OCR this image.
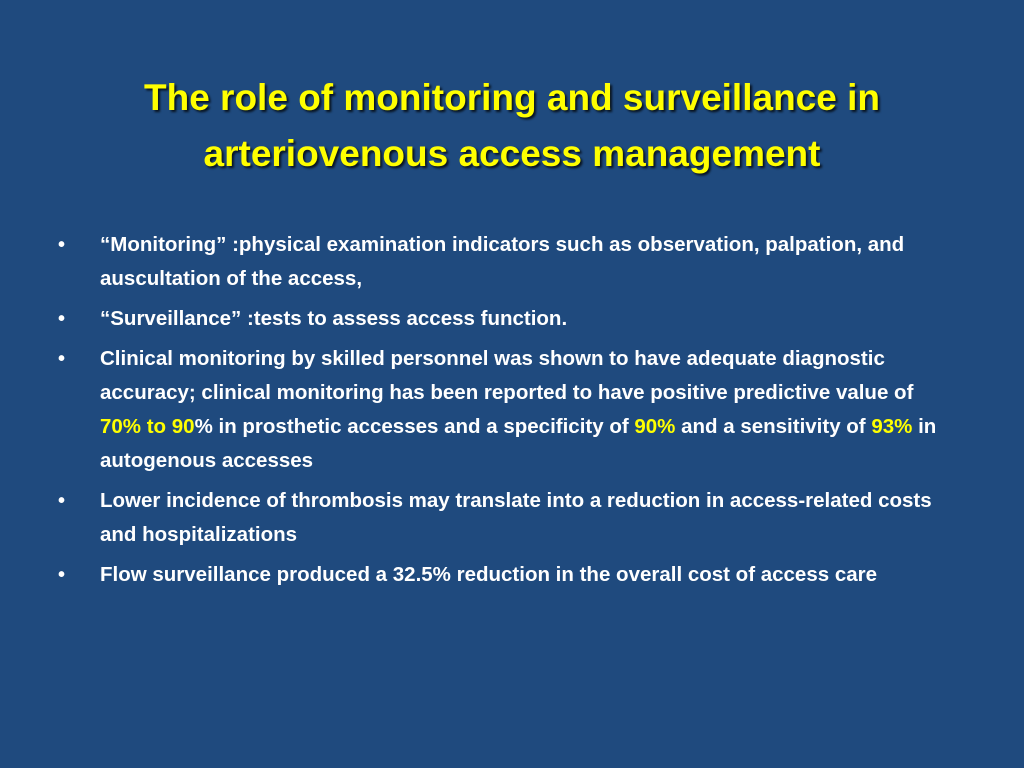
The role of monitoring and surveillance in
arteriovenous access management
•	“Monitoring” :physical examination indicators such as observation, palpation, and auscultation of the access,
•	“Surveillance” :tests to assess access function.
•	Clinical monitoring by skilled personnel was shown to have adequate diagnostic accuracy; clinical monitoring has been reported to have positive predictive value of 70% to 90% in prosthetic accesses and a specificity of 90% and a sensitivity of 93% in autogenous accesses
•	Lower incidence of thrombosis may translate into a reduction in access-related costs and hospitalizations
•	Flow surveillance produced a 32.5% reduction in the overall cost of access care
